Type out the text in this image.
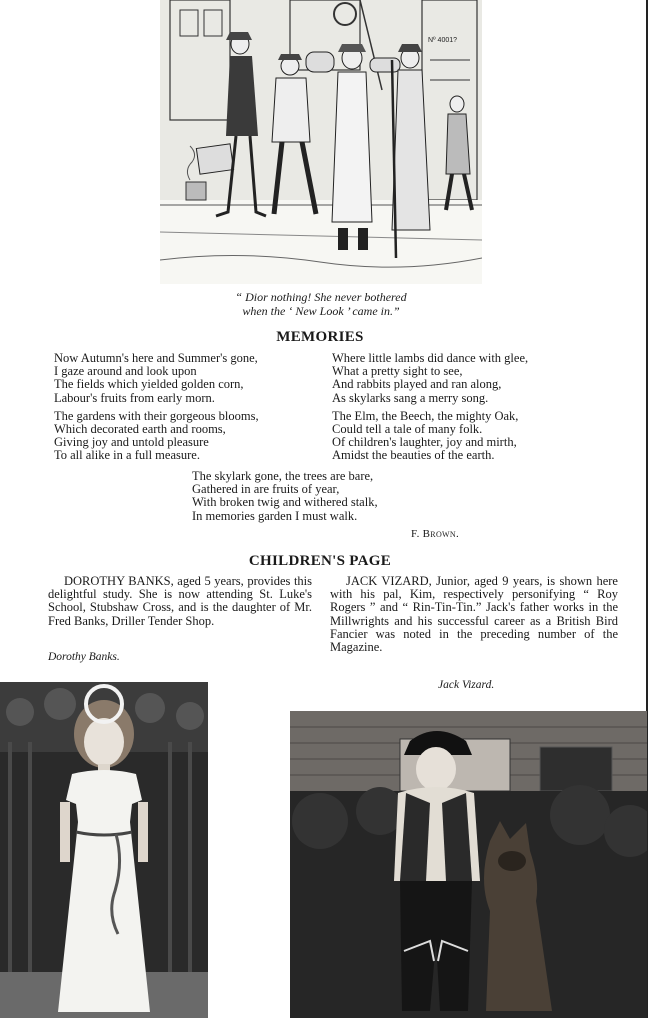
Nº 4001?
“ Dior nothing! She never bothered
when the ‘ New Look ’ came in.”
MEMORIES
Now Autumn's here and Summer's gone,
I gaze around and look upon
The fields which yielded golden corn,
Labour's fruits from early morn.
The gardens with their gorgeous blooms,
Which decorated earth and rooms,
Giving joy and untold pleasure
To all alike in a full measure.
Where little lambs did dance with glee,
What a pretty sight to see,
And rabbits played and ran along,
As skylarks sang a merry song.
The Elm, the Beech, the mighty Oak,
Could tell a tale of many folk.
Of children's laughter, joy and mirth,
Amidst the beauties of the earth.
The skylark gone, the trees are bare,
Gathered in are fruits of year,
With broken twig and withered stalk,
In memories garden I must walk.
F. Brown.
CHILDREN'S PAGE
DOROTHY BANKS, aged 5 years, provides this delightful study. She is now attending St. Luke's School, Stubshaw Cross, and is the daughter of Mr. Fred Banks, Driller Tender Shop.
Dorothy Banks.
JACK VIZARD, Junior, aged 9 years, is shown here with his pal, Kim, respectively personifying “ Roy Rogers ” and “ Rin-Tin-Tin.” Jack's father works in the Millwrights and his successful career as a British Bird Fancier was noted in the preceding number of the Magazine.
Jack Vizard.
